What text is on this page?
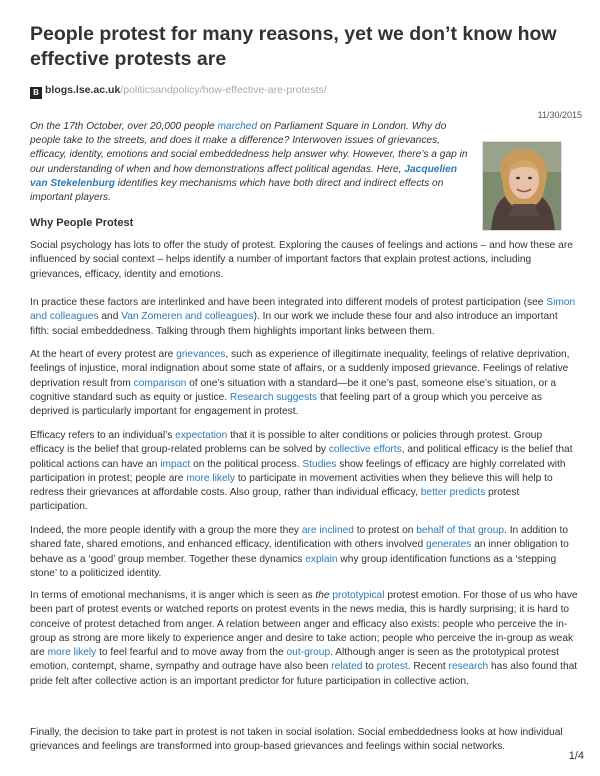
People protest for many reasons, yet we don’t know how effective protests are
B blogs.lse.ac.uk/politicsandpolicy/how-effective-are-protests/
11/30/2015
On the 17th October, over 20,000 people marched on Parliament Square in London. Why do people take to the streets, and does it make a difference? Interwoven issues of grievances, efficacy, identity, emotions and social embeddedness help answer why. However, there’s a gap in our understanding of when and how demonstrations affect political agendas. Here, Jacquelien van Stekelenburg identifies key mechanisms which have both direct and indirect effects on important players.
Why People Protest
Social psychology has lots to offer the study of protest. Exploring the causes of feelings and actions – and how these are influenced by social context – helps identify a number of important factors that explain protest actions, including grievances, efficacy, identity and emotions.
In practice these factors are interlinked and have been integrated into different models of protest participation (see Simon and colleagues and Van Zomeren and colleagues). In our work we include these four and also introduce an important fifth: social embeddedness. Talking through them highlights important links between them.
At the heart of every protest are grievances, such as experience of illegitimate inequality, feelings of relative deprivation, feelings of injustice, moral indignation about some state of affairs, or a suddenly imposed grievance. Feelings of relative deprivation result from comparison of one’s situation with a standard—be it one’s past, someone else’s situation, or a cognitive standard such as equity or justice. Research suggests that feeling part of a group which you perceive as deprived is particularly important for engagement in protest.
Efficacy refers to an individual’s expectation that it is possible to alter conditions or policies through protest. Group efficacy is the belief that group-related problems can be solved by collective efforts, and political efficacy is the belief that political actions can have an impact on the political process. Studies show feelings of efficacy are highly correlated with participation in protest; people are more likely to participate in movement activities when they believe this will help to redress their grievances at affordable costs. Also group, rather than individual efficacy, better predicts protest participation.
Indeed, the more people identify with a group the more they are inclined to protest on behalf of that group. In addition to shared fate, shared emotions, and enhanced efficacy, identification with others involved generates an inner obligation to behave as a ‘good’ group member. Together these dynamics explain why group identification functions as a ‘stepping stone’ to a politicized identity.
In terms of emotional mechanisms, it is anger which is seen as the prototypical protest emotion. For those of us who have been part of protest events or watched reports on protest events in the news media, this is hardly surprising; it is hard to conceive of protest detached from anger. A relation between anger and efficacy also exists: people who perceive the in-group as strong are more likely to experience anger and desire to take action; people who perceive the in-group as weak are more likely to feel fearful and to move away from the out-group. Although anger is seen as the prototypical protest emotion, contempt, shame, sympathy and outrage have also been related to protest. Recent research has also found that pride felt after collective action is an important predictor for future participation in collective action.
Finally, the decision to take part in protest is not taken in social isolation. Social embeddedness looks at how individual grievances and feelings are transformed into group-based grievances and feelings within social networks.
1/4
